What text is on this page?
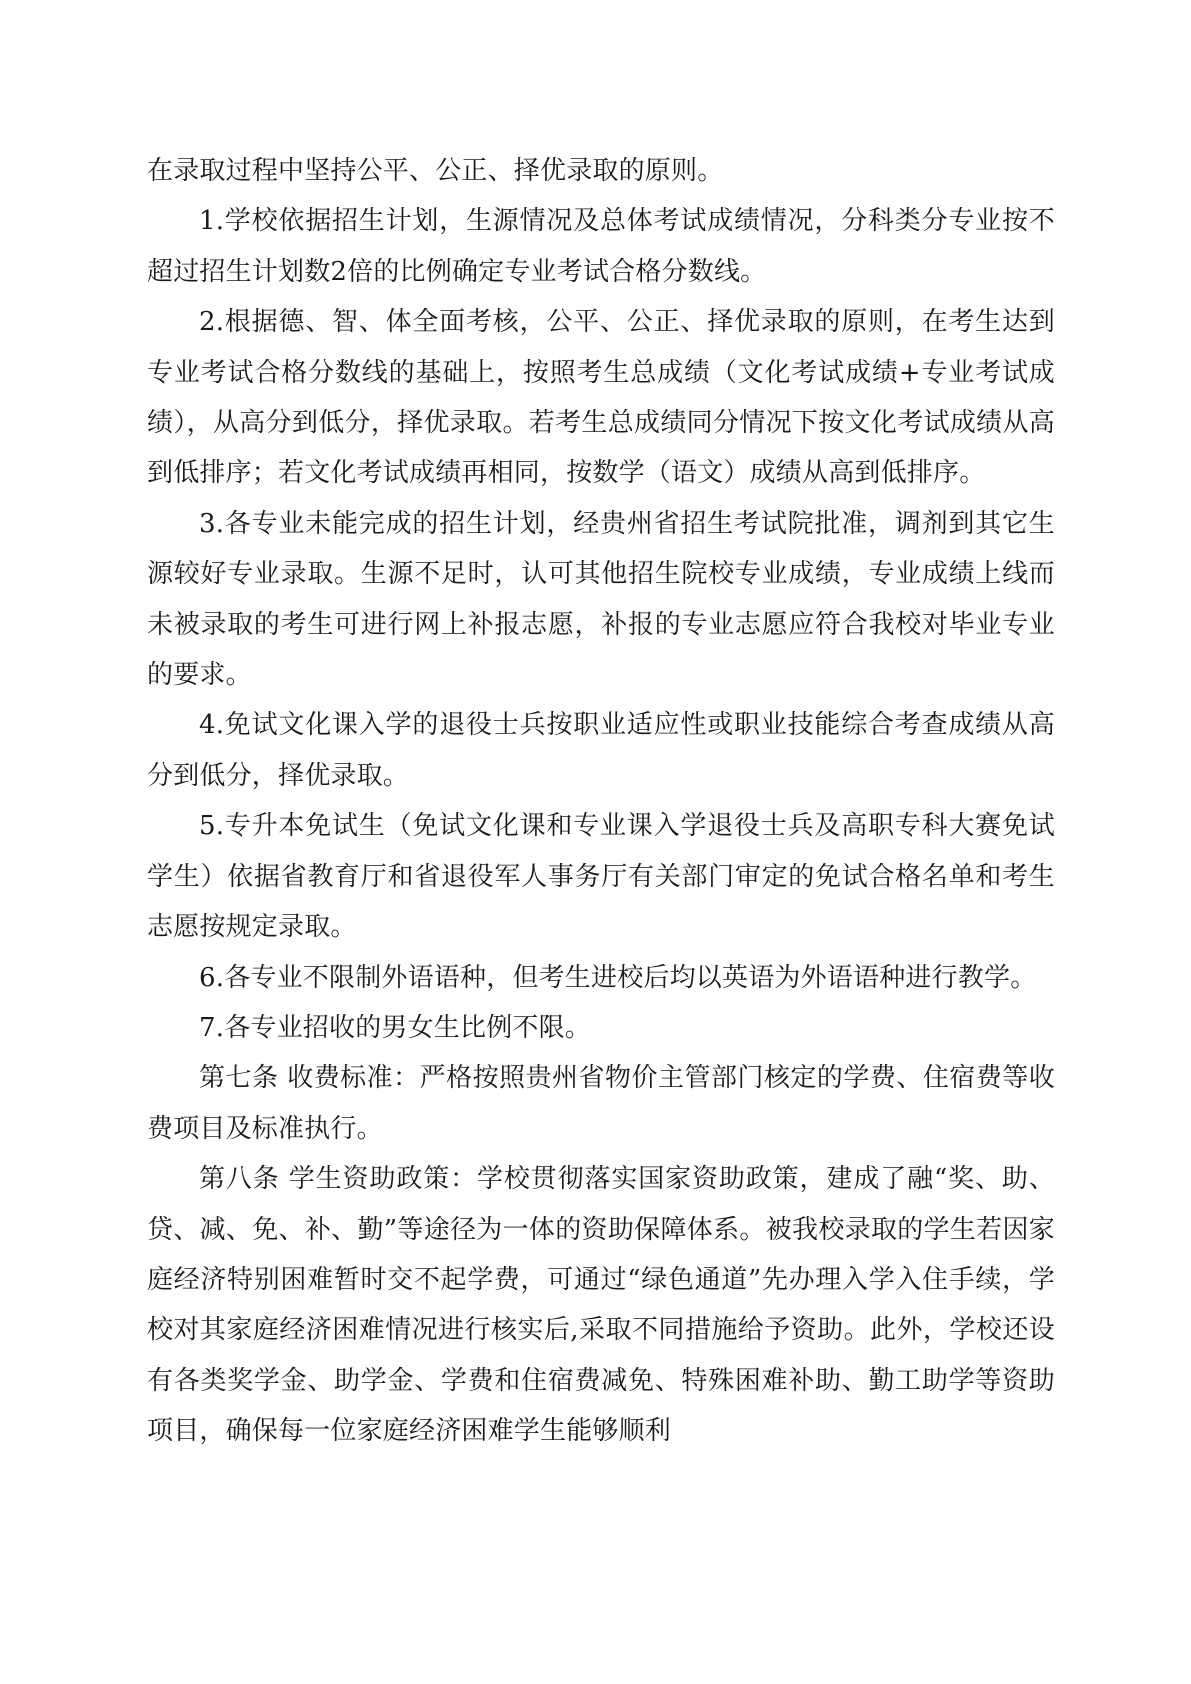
在录取过程中坚持公平、公正、择优录取的原则。

1.学校依据招生计划，生源情况及总体考试成绩情况，分科类分专业按不超过招生计划数2倍的比例确定专业考试合格分数线。

2.根据德、智、体全面考核，公平、公正、择优录取的原则，在考生达到专业考试合格分数线的基础上，按照考生总成绩（文化考试成绩+专业考试成绩），从高分到低分，择优录取。若考生总成绩同分情况下按文化考试成绩从高到低排序；若文化考试成绩再相同，按数学（语文）成绩从高到低排序。

3.各专业未能完成的招生计划，经贵州省招生考试院批准，调剂到其它生源较好专业录取。生源不足时，认可其他招生院校专业成绩，专业成绩上线而未被录取的考生可进行网上补报志愿，补报的专业志愿应符合我校对毕业专业的要求。

4.免试文化课入学的退役士兵按职业适应性或职业技能综合考查成绩从高分到低分，择优录取。

5.专升本免试生（免试文化课和专业课入学退役士兵及高职专科大赛免试学生）依据省教育厅和省退役军人事务厅有关部门审定的免试合格名单和考生志愿按规定录取。

6.各专业不限制外语语种，但考生进校后均以英语为外语语种进行教学。

7.各专业招收的男女生比例不限。

第七条 收费标准：严格按照贵州省物价主管部门核定的学费、住宿费等收费项目及标准执行。

第八条 学生资助政策：学校贯彻落实国家资助政策，建成了融“奖、助、贷、减、免、补、勤”等途径为一体的资助保障体系。被我校录取的学生若因家庭经济特别困难暂时交不起学费，可通过“绿色通道”先办理入学入住手续，学校对其家庭经济困难情况进行核实后,采取不同措施给予资助。此外，学校还设有各类奖学金、助学金、学费和住宿费减免、特殊困难补助、勤工助学等资助项目，确保每一位家庭经济困难学生能够顺利
